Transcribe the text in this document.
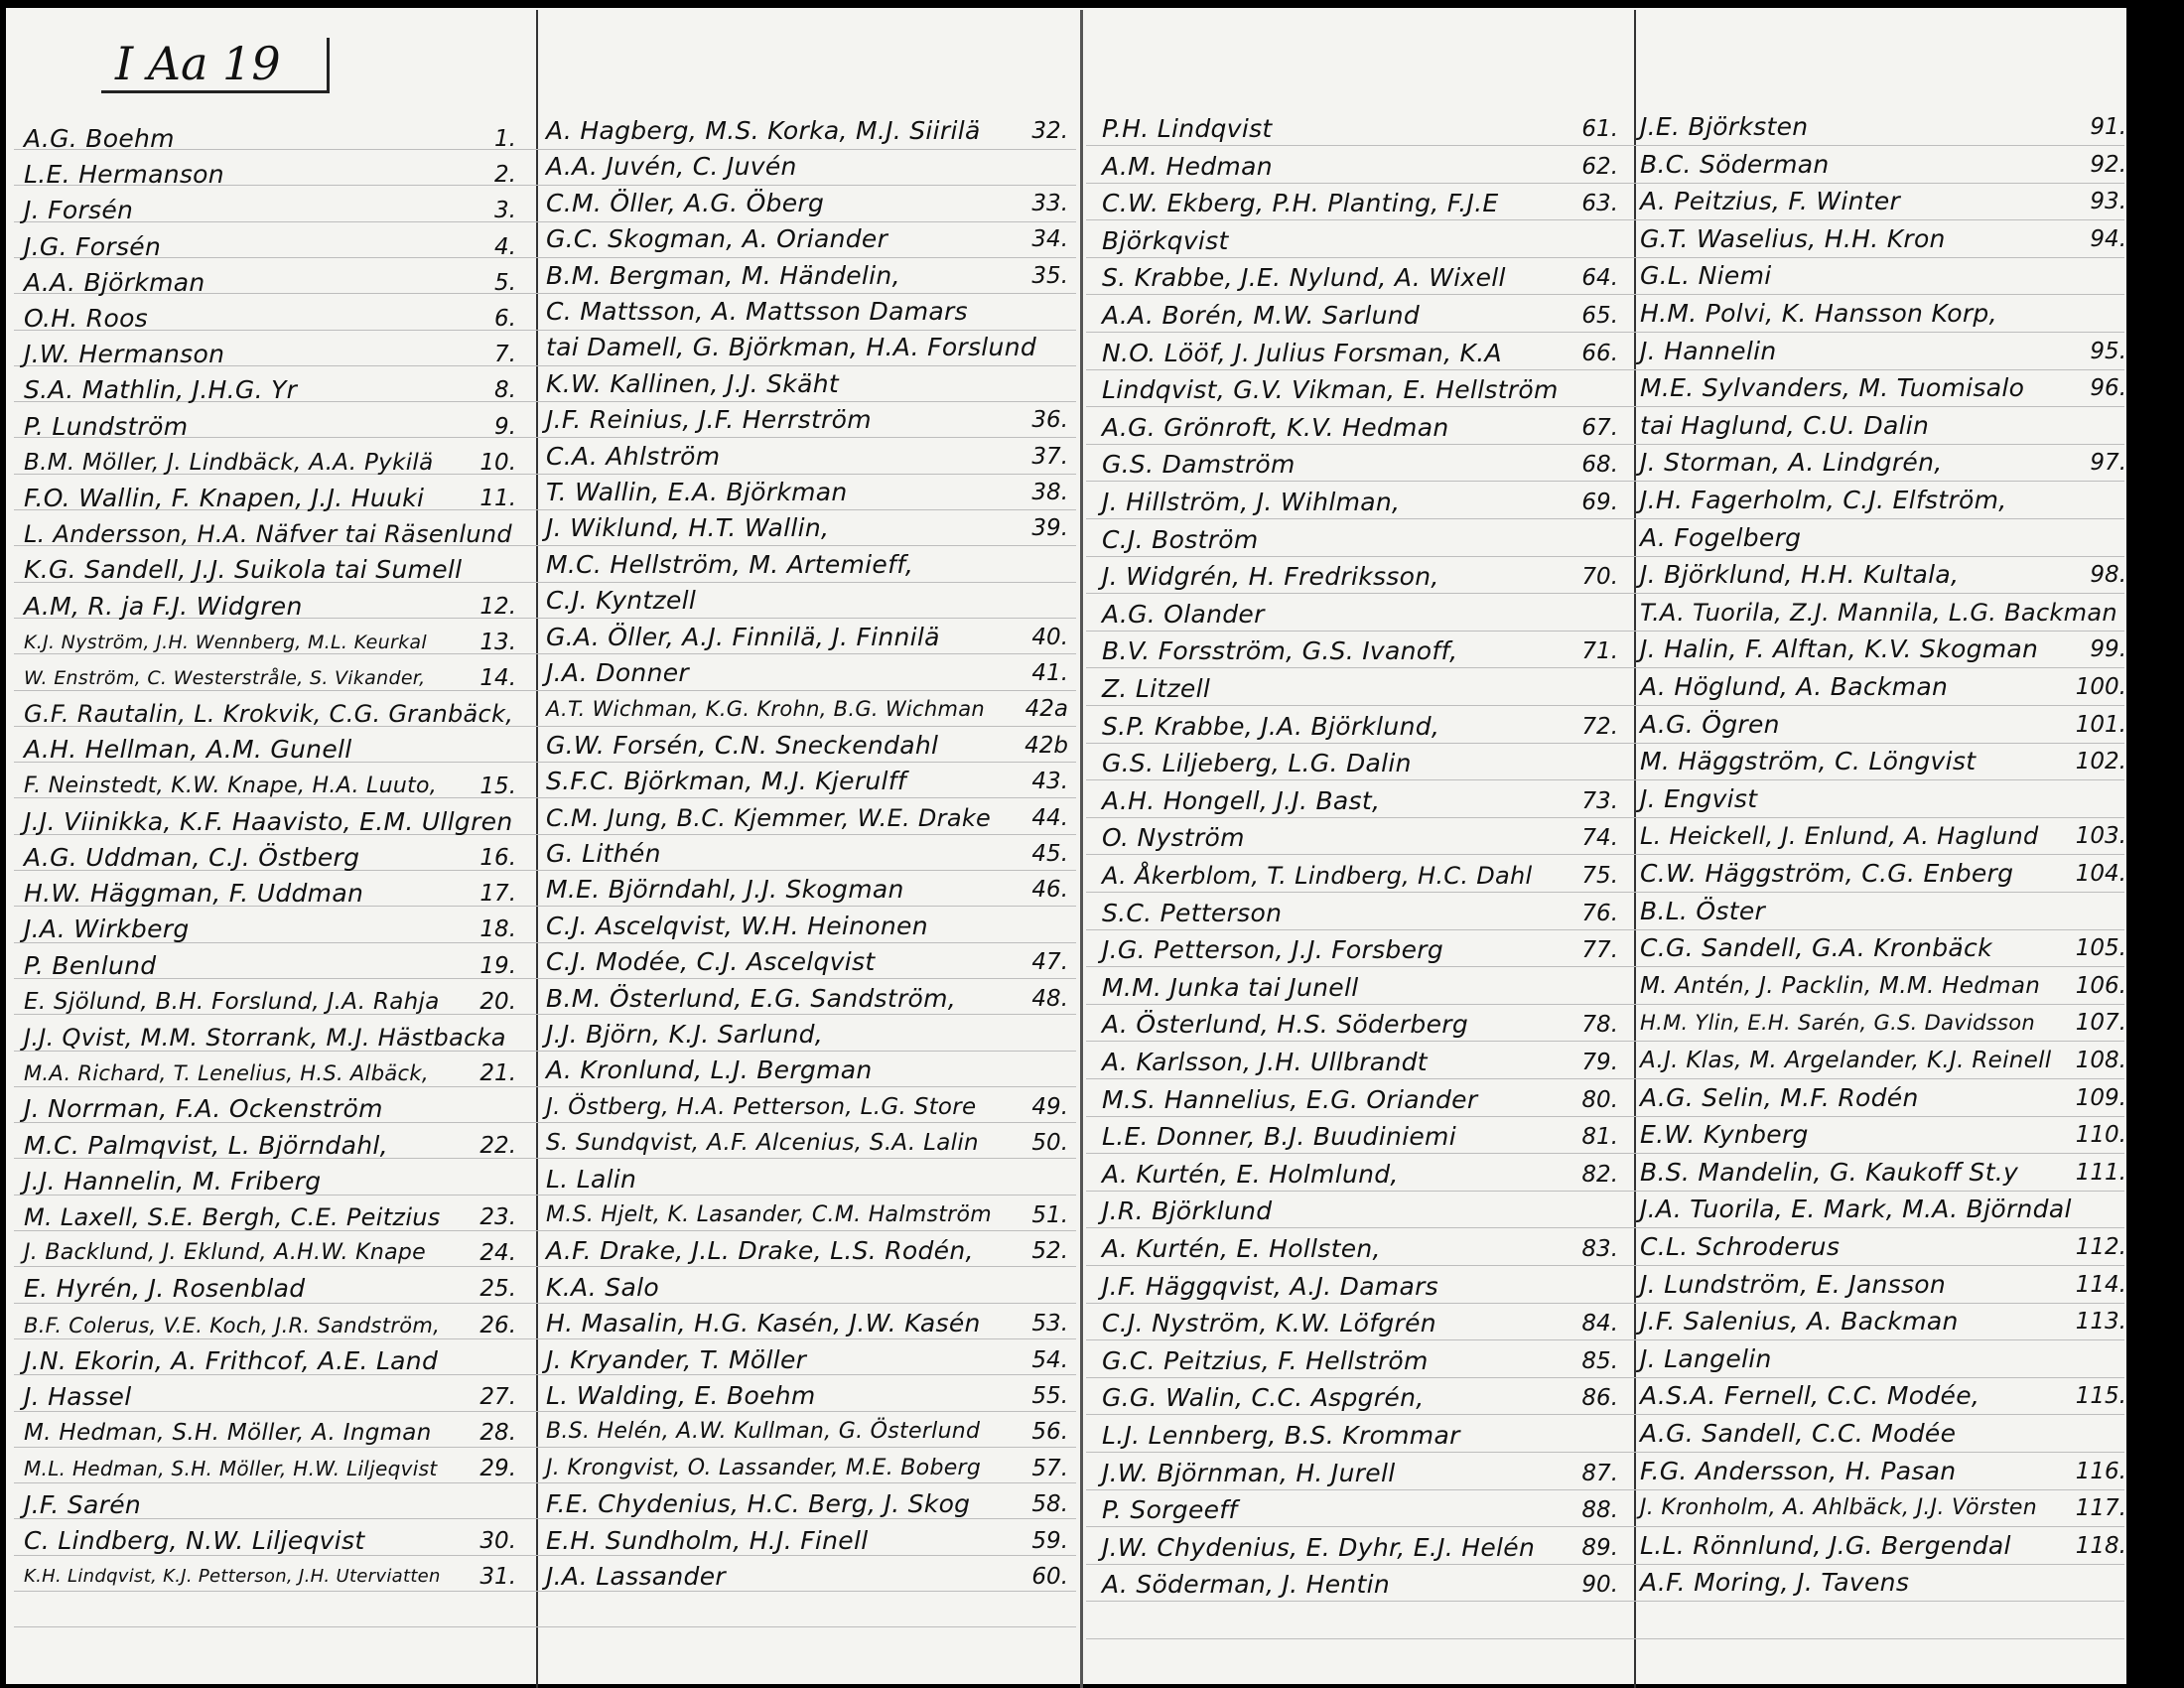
I Aa 19
A.G. Boehm	1.
L.E. Hermanson	2.
J. Forsén	3.
J.G. Forsén	4.
A.A. Björkman	5.
O.H. Roos	6.
J.W. Hermanson	7.
S.A. Mathlin, J.H.G. Yr	8.
P. Lundström	9.
B.M. Möller, J. Lindbäck, A.A. Pykilä	10.
F.O. Wallin, F. Knapen, J.J. Huuki	11.
L. Andersson, H.A. Näfver tai Räsenlund
K.G. Sandell, J.J. Suikola tai Sumell
A.M, R. ja F.J. Widgren	12.
K.J. Nyström, J.H. Wennberg, M.L. Keurkal	13.
W. Enström, C. Westerstråle, S. Vikander,	14.
G.F. Rautalin, L. Krokvik, C.G. Granbäck,
A.H. Hellman, A.M. Gunell
F. Neinstedt, K.W. Knape, H.A. Luuto,	15.
J.J. Viinikka, K.F. Haavisto, E.M. Ullgren
A.G. Uddman, C.J. Östberg	16.
H.W. Häggman, F. Uddman	17.
J.A. Wirkberg	18.
P. Benlund	19.
E. Sjölund, B.H. Forslund, J.A. Rahja	20.
J.J. Qvist, M.M. Storrank, M.J. Hästbacka
M.A. Richard, T. Lenelius, H.S. Albäck,	21.
J. Norrman, F.A. Ockenström
M.C. Palmqvist, L. Björndahl,	22.
J.J. Hannelin, M. Friberg
M. Laxell, S.E. Bergh, C.E. Peitzius	23.
J. Backlund, J. Eklund, A.H.W. Knape	24.
E. Hyrén, J. Rosenblad	25.
B.F. Colerus, V.E. Koch, J.R. Sandström,	26.
J.N. Ekorin, A. Frithcof, A.E. Land
J. Hassel	27.
M. Hedman, S.H. Möller, A. Ingman	28.
M.L. Hedman, S.H. Möller, H.W. Liljeqvist	29.
J.F. Sarén
C. Lindberg, N.W. Liljeqvist	30.
K.H. Lindqvist, K.J. Petterson, J.H. Uterviatten	31.
A. Hagberg, M.S. Korka, M.J. Siirilä	32.
A.A. Juvén, C. Juvén
C.M. Öller, A.G. Öberg	33.
G.C. Skogman, A. Oriander	34.
B.M. Bergman, M. Händelin,	35.
C. Mattsson, A. Mattsson Damars
tai Damell, G. Björkman, H.A. Forslund
K.W. Kallinen, J.J. Skäht
J.F. Reinius, J.F. Herrström	36.
C.A. Ahlström	37.
T. Wallin, E.A. Björkman	38.
J. Wiklund, H.T. Wallin,	39.
M.C. Hellström, M. Artemieff,
C.J. Kyntzell
G.A. Öller, A.J. Finnilä, J. Finnilä	40.
J.A. Donner	41.
A.T. Wichman, K.G. Krohn, B.G. Wichman	42a
G.W. Forsén, C.N. Sneckendahl	42b
S.F.C. Björkman, M.J. Kjerulff	43.
C.M. Jung, B.C. Kjemmer, W.E. Drake	44.
G. Lithén	45.
M.E. Björndahl, J.J. Skogman	46.
C.J. Ascelqvist, W.H. Heinonen
C.J. Modée, C.J. Ascelqvist	47.
B.M. Österlund, E.G. Sandström,	48.
J.J. Björn, K.J. Sarlund,
A. Kronlund, L.J. Bergman
J. Östberg, H.A. Petterson, L.G. Store	49.
S. Sundqvist, A.F. Alcenius, S.A. Lalin	50.
L. Lalin
M.S. Hjelt, K. Lasander, C.M. Halmström	51.
A.F. Drake, J.L. Drake, L.S. Rodén,	52.
K.A. Salo
H. Masalin, H.G. Kasén, J.W. Kasén	53.
J. Kryander, T. Möller	54.
L. Walding, E. Boehm	55.
B.S. Helén, A.W. Kullman, G. Österlund	56.
J. Krongvist, O. Lassander, M.E. Boberg	57.
F.E. Chydenius, H.C. Berg, J. Skog	58.
E.H. Sundholm, H.J. Finell	59.
J.A. Lassander	60.
P.H. Lindqvist	61.
A.M. Hedman	62.
C.W. Ekberg, P.H. Planting, F.J.E	63.
Björkqvist
S. Krabbe, J.E. Nylund, A. Wixell	64.
A.A. Borén, M.W. Sarlund	65.
N.O. Lööf, J. Julius Forsman, K.A	66.
Lindqvist, G.V. Vikman, E. Hellström
A.G. Grönroft, K.V. Hedman	67.
G.S. Damström	68.
J. Hillström, J. Wihlman,	69.
C.J. Boström
J. Widgrén, H. Fredriksson,	70.
A.G. Olander
B.V. Forsström, G.S. Ivanoff,	71.
Z. Litzell
S.P. Krabbe, J.A. Björklund,	72.
G.S. Liljeberg, L.G. Dalin
A.H. Hongell, J.J. Bast,	73.
O. Nyström	74.
A. Åkerblom, T. Lindberg, H.C. Dahl	75.
S.C. Petterson	76.
J.G. Petterson, J.J. Forsberg	77.
M.M. Junka tai Junell
A. Österlund, H.S. Söderberg	78.
A. Karlsson, J.H. Ullbrandt	79.
M.S. Hannelius, E.G. Oriander	80.
L.E. Donner, B.J. Buudiniemi	81.
A. Kurtén, E. Holmlund,	82.
J.R. Björklund
A. Kurtén, E. Hollsten,	83.
J.F. Häggqvist, A.J. Damars
C.J. Nyström, K.W. Löfgrén	84.
G.C. Peitzius, F. Hellström	85.
G.G. Walin, C.C. Aspgrén,	86.
L.J. Lennberg, B.S. Krommar
J.W. Björnman, H. Jurell	87.
P. Sorgeeff	88.
J.W. Chydenius, E. Dyhr, E.J. Helén	89.
A. Söderman, J. Hentin	90.
J.E. Björksten	91.
B.C. Söderman	92.
A. Peitzius, F. Winter	93.
G.T. Waselius, H.H. Kron	94.
G.L. Niemi
H.M. Polvi, K. Hansson Korp,
J. Hannelin	95.
M.E. Sylvanders, M. Tuomisalo	96.
tai Haglund, C.U. Dalin
J. Storman, A. Lindgrén,	97.
J.H. Fagerholm, C.J. Elfström,
A. Fogelberg
J. Björklund, H.H. Kultala,	98.
T.A. Tuorila, Z.J. Mannila, L.G. Backman
J. Halin, F. Alftan, K.V. Skogman	99.
A. Höglund, A. Backman	100.
A.G. Ögren	101.
M. Häggström, C. Löngvist	102.
J. Engvist
L. Heickell, J. Enlund, A. Haglund	103.
C.W. Häggström, C.G. Enberg	104.
B.L. Öster
C.G. Sandell, G.A. Kronbäck	105.
M. Antén, J. Packlin, M.M. Hedman	106.
H.M. Ylin, E.H. Sarén, G.S. Davidsson	107.
A.J. Klas, M. Argelander, K.J. Reinell	108.
A.G. Selin, M.F. Rodén	109.
E.W. Kynberg	110.
B.S. Mandelin, G. Kaukoff St.y	111.
J.A. Tuorila, E. Mark, M.A. Björndal
C.L. Schroderus	112.
J. Lundström, E. Jansson	114.
J.F. Salenius, A. Backman	113.
J. Langelin
A.S.A. Fernell, C.C. Modée,	115.
A.G. Sandell, C.C. Modée
F.G. Andersson, H. Pasan	116.
J. Kronholm, A. Ahlbäck, J.J. Vörsten	117.
L.L. Rönnlund, J.G. Bergendal	118.
A.F. Moring, J. Tavens
